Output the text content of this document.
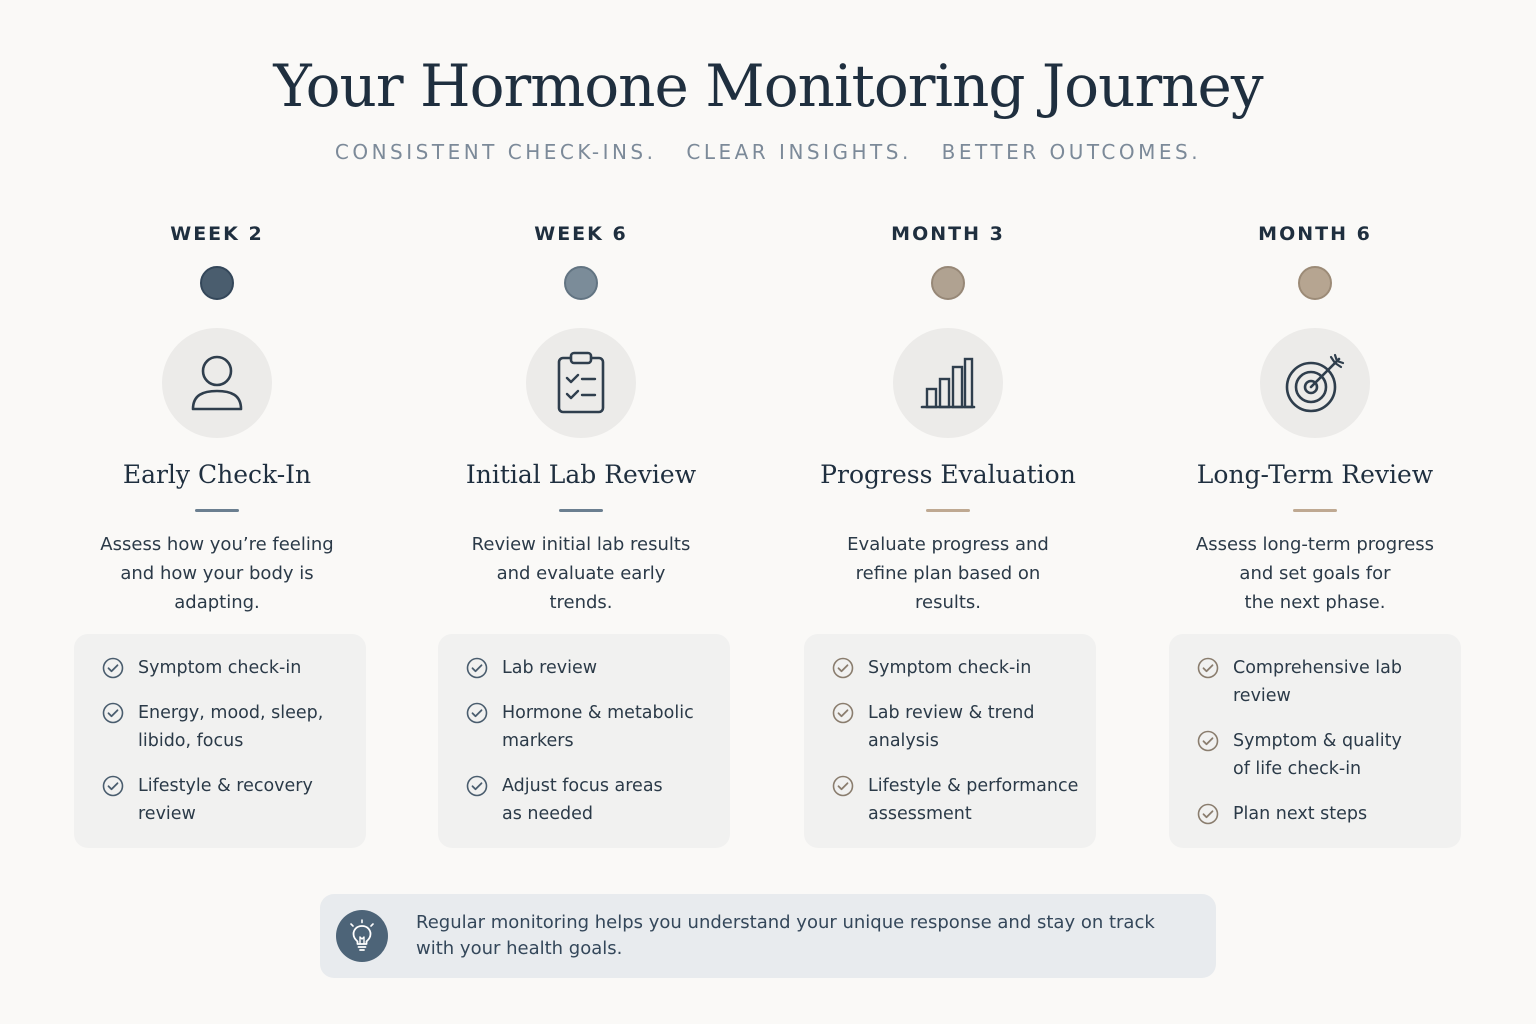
Your Hormone Monitoring Journey
CONSISTENT CHECK-INS. CLEAR INSIGHTS. BETTER OUTCOMES.
WEEK 2
Early Check-In
Assess how you’re feeling
and how your body is
adapting.
WEEK 6
Initial Lab Review
Review initial lab results
and evaluate early
trends.
MONTH 3
Progress Evaluation
Evaluate progress and
refine plan based on
results.
MONTH 6
Long-Term Review
Assess long-term progress
and set goals for
the next phase.
Symptom check-in
Energy, mood, sleep,
libido, focus
Lifestyle & recovery
review
Lab review
Hormone & metabolic
markers
Adjust focus areas
as needed
Symptom check-in
Lab review & trend
analysis
Lifestyle & performance
assessment
Comprehensive lab
review
Symptom & quality
of life check-in
Plan next steps
Regular monitoring helps you understand your unique response and stay on track
with your health goals.
